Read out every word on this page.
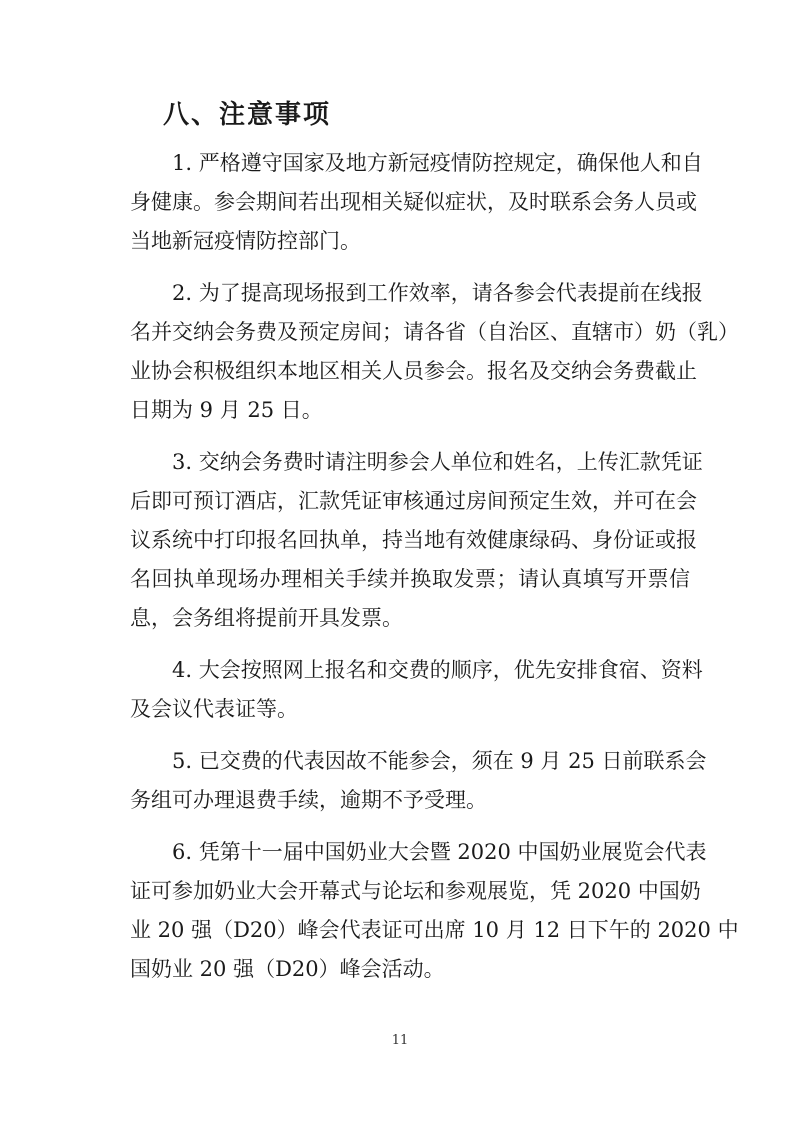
八、注意事项

1. 严格遵守国家及地方新冠疫情防控规定，确保他人和自

身健康。参会期间若出现相关疑似症状，及时联系会务人员或

当地新冠疫情防控部门。

2. 为了提高现场报到工作效率，请各参会代表提前在线报

名并交纳会务费及预定房间；请各省（自治区、直辖市）奶（乳）

业协会积极组织本地区相关人员参会。报名及交纳会务费截止

日期为 9 月 25 日。

3. 交纳会务费时请注明参会人单位和姓名，上传汇款凭证

后即可预订酒店，汇款凭证审核通过房间预定生效，并可在会

议系统中打印报名回执单，持当地有效健康绿码、身份证或报

名回执单现场办理相关手续并换取发票；请认真填写开票信

息，会务组将提前开具发票。

4. 大会按照网上报名和交费的顺序，优先安排食宿、资料

及会议代表证等。

5. 已交费的代表因故不能参会，须在 9 月 25 日前联系会

务组可办理退费手续，逾期不予受理。

6. 凭第十一届中国奶业大会暨 2020 中国奶业展览会代表

证可参加奶业大会开幕式与论坛和参观展览，凭 2020 中国奶

业 20 强（D20）峰会代表证可出席 10 月 12 日下午的 2020 中

国奶业 20 强（D20）峰会活动。

11
